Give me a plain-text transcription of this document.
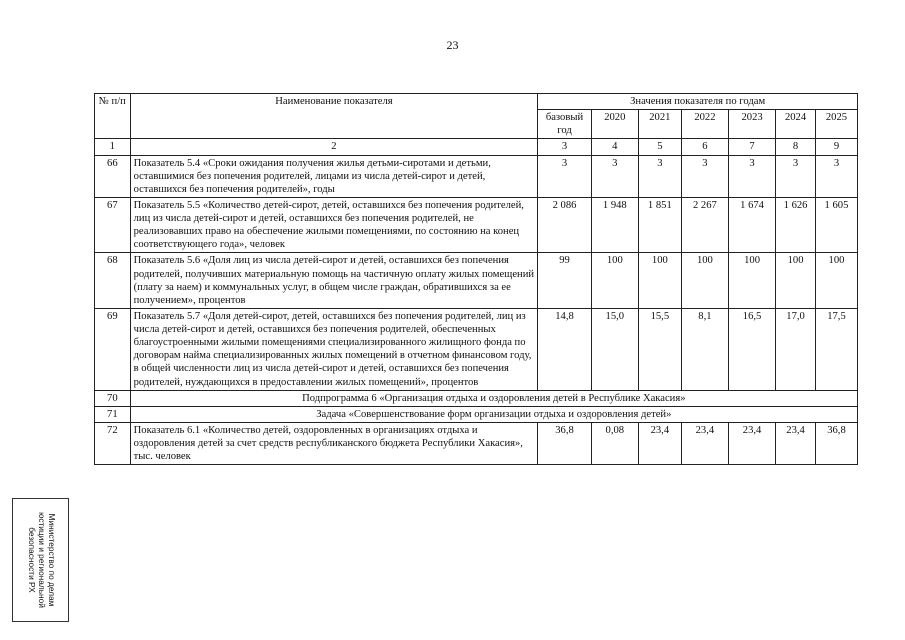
23
№ п/п	Наименование показателя	Значения показателя по годам						
		базовый год	2020	2021	2022	2023	2024	2025
1	2	3	4	5	6	7	8	9
66	Показатель 5.4 «Сроки ожидания получения жилья детьми-сиротами и детьми, оставшимися без попечения родителей, лицами из числа детей-сирот и детей, оставшихся без попечения родителей», годы	3	3	3	3	3	3	3
67	Показатель 5.5 «Количество детей-сирот, детей, оставшихся без попечения родителей, лиц из числа детей-сирот и детей, оставшихся без попечения родителей, не реализовавших право на обеспечение жилыми помещениями, по состоянию на конец соответствующего года», человек	2 086	1 948	1 851	2 267	1 674	1 626	1 605
68	Показатель 5.6 «Доля лиц из числа детей-сирот и детей, оставшихся без попечения родителей, получивших материальную помощь на частичную оплату жилых помещений (плату за наем) и коммунальных услуг, в общем числе граждан, обратившихся за ее получением», процентов	99	100	100	100	100	100	100
69	Показатель 5.7 «Доля детей-сирот, детей, оставшихся без попечения родителей, лиц из числа детей-сирот и детей, оставшихся без попечения родителей, обеспеченных благоустроенными жилыми помещениями специализированного жилищного фонда по договорам найма специализированных жилых помещений в отчетном финансовом году, в общей численности лиц из числа детей-сирот и детей, оставшихся без попечения родителей, нуждающихся в предоставлении жилых помещений», процентов	14,8	15,0	15,5	8,1	16,5	17,0	17,5
70	Подпрограмма 6 «Организация отдыха и оздоровления детей в Республике Хакасия»							
71	Задача «Совершенствование форм организации отдыха и оздоровления детей»							
72	Показатель 6.1 «Количество детей, оздоровленных в организациях отдыха и оздоровления детей за счет средств республиканского бюджета Республики Хакасия», тыс. человек	36,8	0,08	23,4	23,4	23,4	23,4	36,8
Министерство по делам
юстиции и региональной
безопасности РХ
